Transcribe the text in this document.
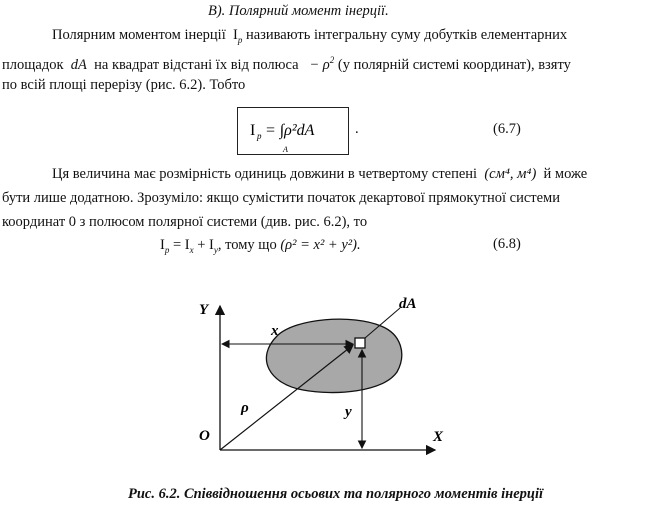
В). Полярний момент інерції.
Полярним моментом інерції $I_p$ називають інтегральну суму добутків елементарних
площадок dA на квадрат відстані їх від полюса − $\rho^2$ (у полярній системі координат), взяту
по всій площі перерізу (рис. 6.2). Тобто
I p = ∫ρ²dA
A
.	(6.7)
Ця величина має розмірність одиниць довжини в четвертому степені (см⁴, м⁴) й може
бути лише додатною. Зрозуміло: якщо сумістити початок декартової прямокутної системи
координат 0 з полюсом полярної системи (див. рис. 6.2), то
$I_p = I_x + I_y$, тому що (ρ² = x² + y²).	(6.8)
Y
X
O
x
y
ρ
dA
Рис. 6.2. Співвідношення осьових та полярного моментів інерції
